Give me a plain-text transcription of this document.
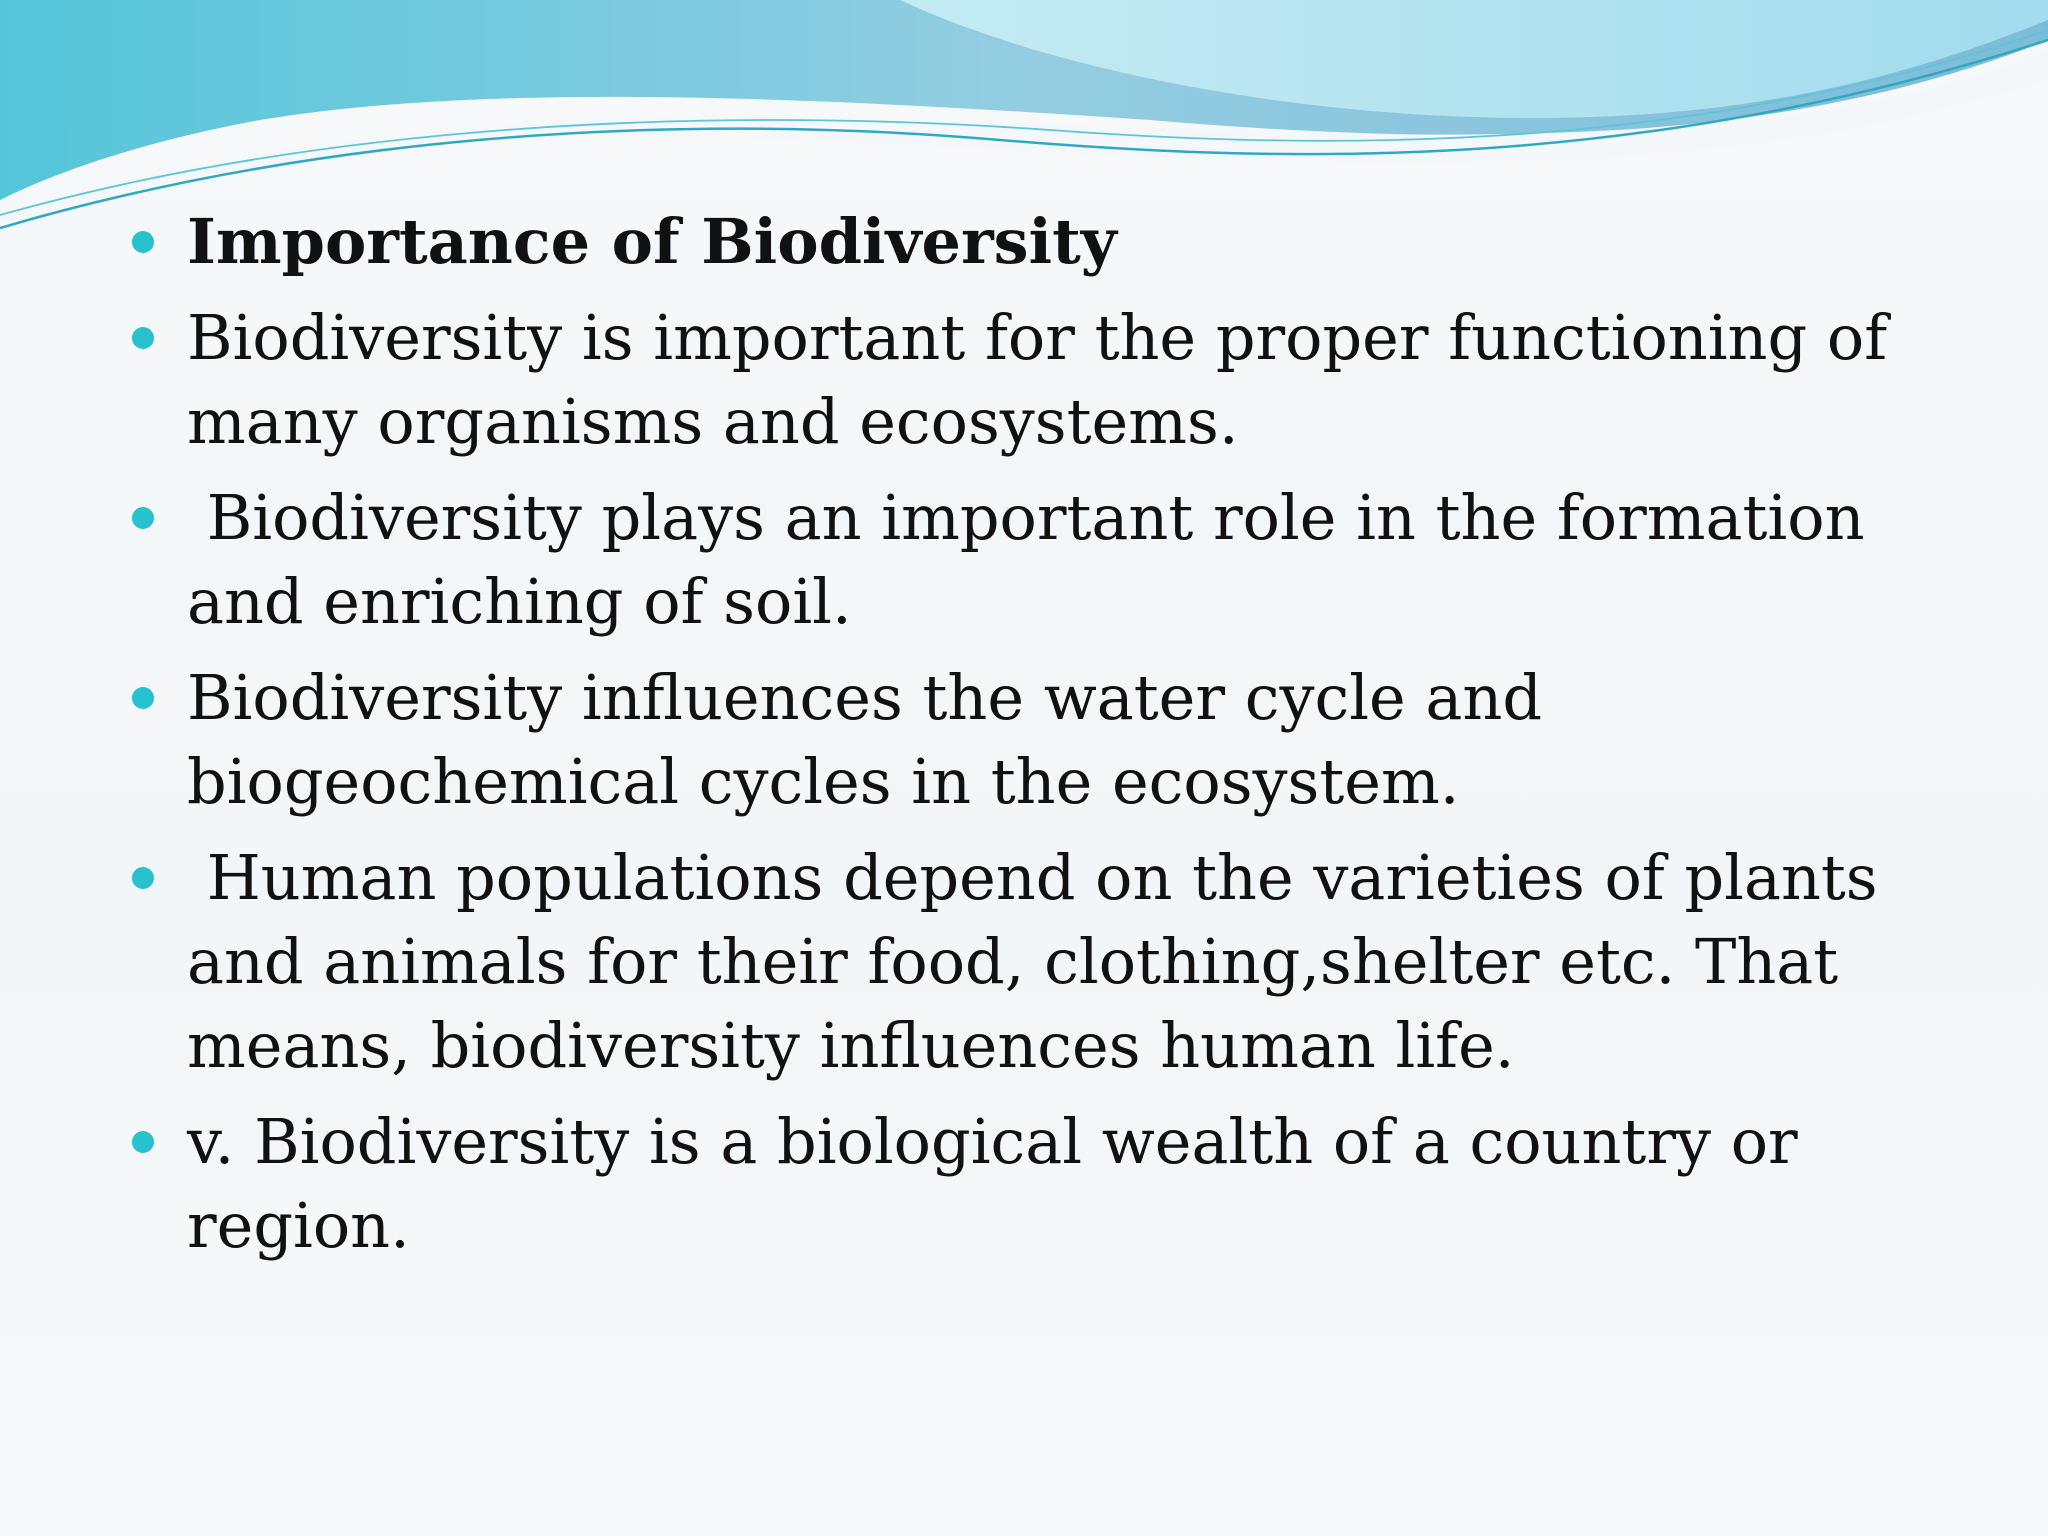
Importance of Biodiversity
Biodiversity is important for the proper functioning of many organisms and ecosystems.
Biodiversity plays an important role in the formation and enriching of soil.
Biodiversity influences the water cycle and biogeochemical cycles in the ecosystem.
Human populations depend on the varieties of plants and animals for their food, clothing,shelter etc. That means, biodiversity influences human life.
v. Biodiversity is a biological wealth of a country or region.
